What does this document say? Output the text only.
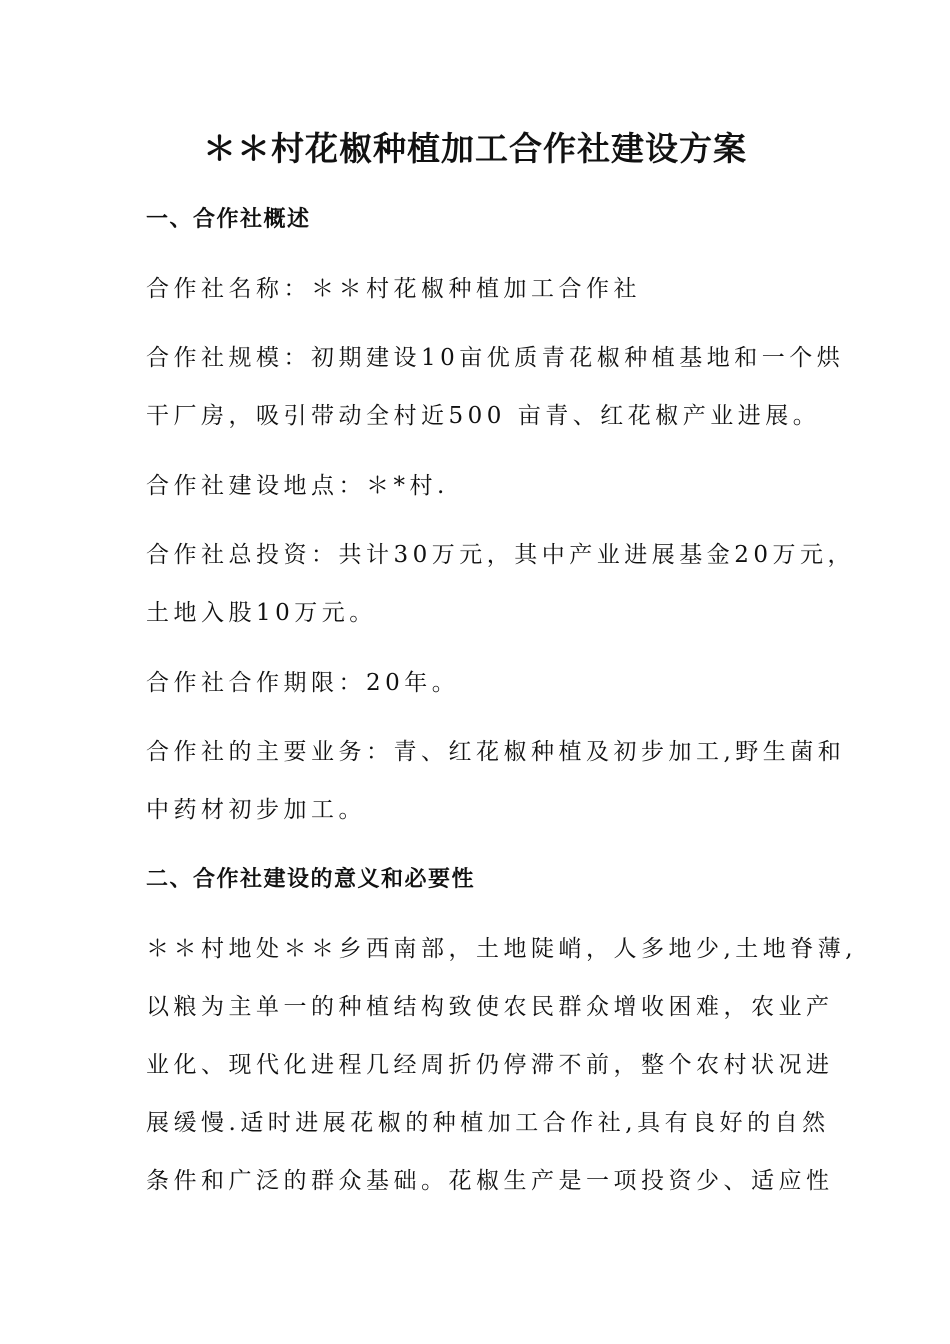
＊＊村花椒种植加工合作社建设方案
一、合作社概述
合作社名称：＊＊村花椒种植加工合作社
合作社规模：初期建设10亩优质青花椒种植基地和一个烘
干厂房，吸引带动全村近500 亩青、红花椒产业进展。
合作社建设地点：＊*村.
合作社总投资：共计30万元，其中产业进展基金20万元，
土地入股10万元。
合作社合作期限：20年。
合作社的主要业务：青、红花椒种植及初步加工,野生菌和
中药材初步加工。
二、合作社建设的意义和必要性
＊＊村地处＊＊乡西南部，土地陡峭，人多地少,土地脊薄,
以粮为主单一的种植结构致使农民群众增收困难，农业产
业化、现代化进程几经周折仍停滞不前，整个农村状况进
展缓慢.适时进展花椒的种植加工合作社,具有良好的自然
条件和广泛的群众基础。花椒生产是一项投资少、适应性
